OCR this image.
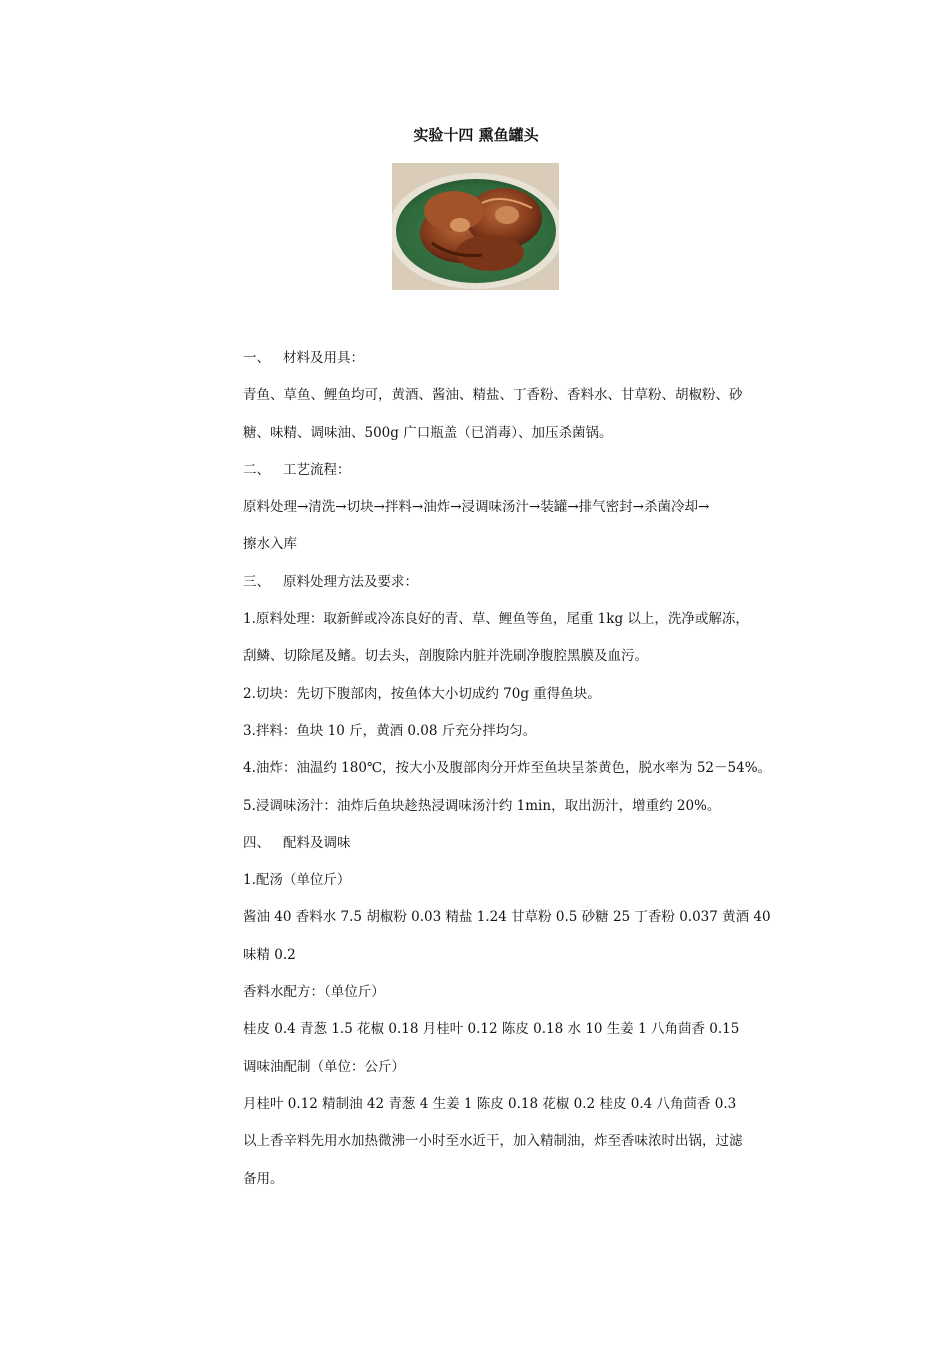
实验十四 熏鱼罐头
一、 材料及用具：
青鱼、草鱼、鲤鱼均可，黄酒、酱油、精盐、丁香粉、香料水、甘草粉、胡椒粉、砂
糖、味精、调味油、500g 广口瓶盖（已消毒）、加压杀菌锅。
二、 工艺流程：
原料处理→清洗→切块→拌料→油炸→浸调味汤汁→装罐→排气密封→杀菌冷却→
擦水入库
三、 原料处理方法及要求：
1.原料处理：取新鲜或冷冻良好的青、草、鲤鱼等鱼，尾重 1kg 以上，洗净或解冻，
刮鳞、切除尾及鳍。切去头，剖腹除内脏并洗刷净腹腔黑膜及血污。
2.切块：先切下腹部肉，按鱼体大小切成约 70g 重得鱼块。
3.拌料：鱼块 10 斤，黄酒 0.08 斤充分拌均匀。
4.油炸：油温约 180℃，按大小及腹部肉分开炸至鱼块呈茶黄色，脱水率为 52－54%。
5.浸调味汤汁：油炸后鱼块趁热浸调味汤汁约 1min，取出沥汁，增重约 20%。
四、 配料及调味
1.配汤（单位斤）
酱油 40 香料水 7.5 胡椒粉 0.03 精盐 1.24 甘草粉 0.5 砂糖 25 丁香粉 0.037 黄酒 40
味精 0.2
香料水配方：（单位斤）
桂皮 0.4 青葱 1.5 花椒 0.18 月桂叶 0.12 陈皮 0.18 水 10 生姜 1 八角茴香 0.15
调味油配制（单位：公斤）
月桂叶 0.12 精制油 42 青葱 4 生姜 1 陈皮 0.18 花椒 0.2 桂皮 0.4 八角茴香 0.3
以上香辛料先用水加热微沸一小时至水近干，加入精制油，炸至香味浓时出锅，过滤
备用。
